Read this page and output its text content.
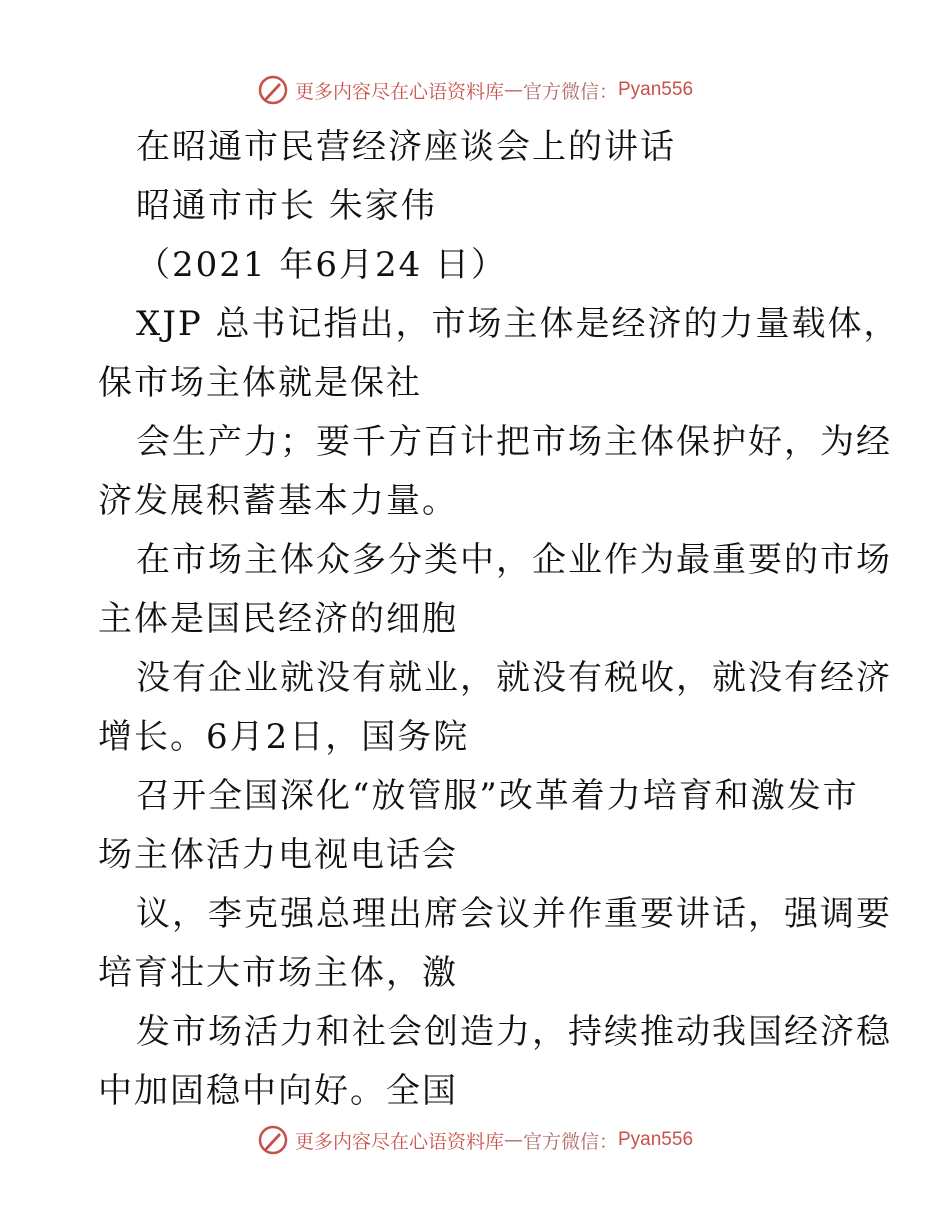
更多内容尽在心语资料库 — 官方微信： Pyan556
在昭通市民营经济座谈会上的讲话
昭通市市长 朱家伟
（2021 年6月24 日）
XJP 总书记指出，市场主体是经济的力量载体，
保市场主体就是保社
会生产力；要千方百计把市场主体保护好，为经
济发展积蓄基本力量。
在市场主体众多分类中，企业作为最重要的市场
主体是国民经济的细胞
没有企业就没有就业，就没有税收，就没有经济
增长。6月2日，国务院
召开全国深化“放管服”改革着力培育和激发市
场主体活力电视电话会
议，李克强总理出席会议并作重要讲话，强调要
培育壮大市场主体，激
发市场活力和社会创造力，持续推动我国经济稳
中加固稳中向好。全国
更多内容尽在心语资料库 — 官方微信： Pyan556
